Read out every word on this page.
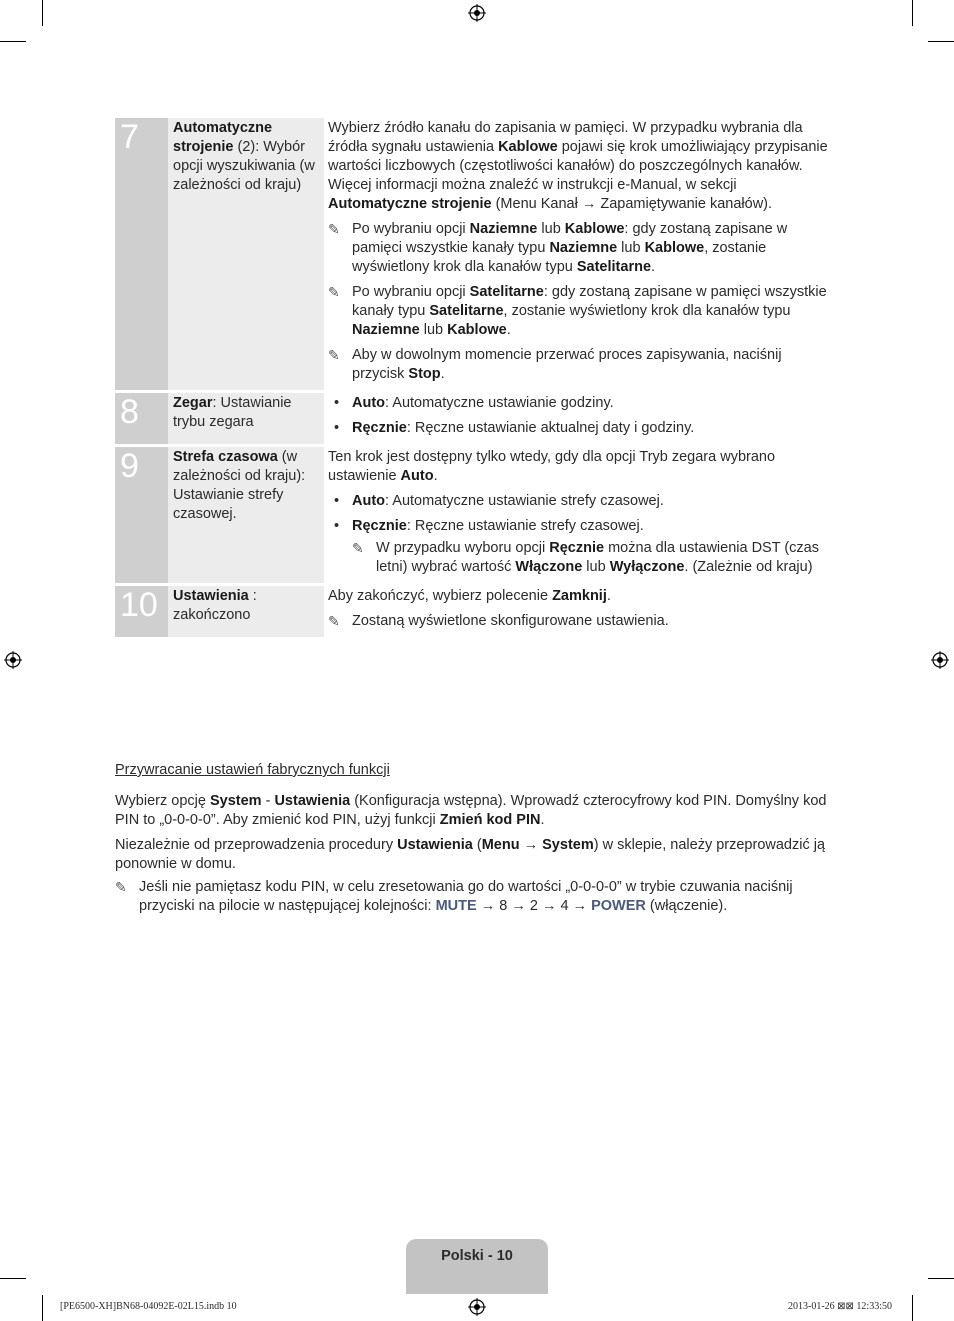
7	Automatyczne strojenie (2): Wybór opcji wyszukiwania (w zależności od kraju)

Wybierz źródło kanału do zapisania w pamięci. W przypadku wybrania dla źródła sygnału ustawienia Kablowe pojawi się krok umożliwiający przypisanie wartości liczbowych (częstotliwości kanałów) do poszczególnych kanałów. Więcej informacji można znaleźć w instrukcji e-Manual, w sekcji Automatyczne strojenie (Menu Kanał → Zapamiętywanie kanałów).

✎ Po wybraniu opcji Naziemne lub Kablowe: gdy zostaną zapisane w pamięci wszystkie kanały typu Naziemne lub Kablowe, zostanie wyświetlony krok dla kanałów typu Satelitarne.
✎ Po wybraniu opcji Satelitarne: gdy zostaną zapisane w pamięci wszystkie kanały typu Satelitarne, zostanie wyświetlony krok dla kanałów typu Naziemne lub Kablowe.
✎ Aby w dowolnym momencie przerwać proces zapisywania, naciśnij przycisk Stop.
8	Zegar: Ustawianie trybu zegara
• Auto: Automatyczne ustawianie godziny.
• Ręcznie: Ręczne ustawianie aktualnej daty i godziny.
9	Strefa czasowa (w zależności od kraju): Ustawianie strefy czasowej.

Ten krok jest dostępny tylko wtedy, gdy dla opcji Tryb zegara wybrano ustawienie Auto.

• Auto: Automatyczne ustawianie strefy czasowej.
• Ręcznie: Ręczne ustawianie strefy czasowej.
✎ W przypadku wyboru opcji Ręcznie można dla ustawienia DST (czas letni) wybrać wartość Włączone lub Wyłączone. (Zależnie od kraju)
10	Ustawienia : zakończono

Aby zakończyć, wybierz polecenie Zamknij.

✎ Zostaną wyświetlone skonfigurowane ustawienia.
Przywracanie ustawień fabrycznych funkcji

Wybierz opcję System - Ustawienia (Konfiguracja wstępna). Wprowadź czterocyfrowy kod PIN. Domyślny kod PIN to „0-0-0-0”. Aby zmienić kod PIN, użyj funkcji Zmień kod PIN.

Niezależnie od przeprowadzenia procedury Ustawienia (Menu → System) w sklepie, należy przeprowadzić ją ponownie w domu.

✎ Jeśli nie pamiętasz kodu PIN, w celu zresetowania go do wartości „0-0-0-0” w trybie czuwania naciśnij przyciski na pilocie w następującej kolejności: MUTE → 8 → 2 → 4 → POWER (włączenie).
Polski - 10
[PE6500-XH]BN68-04092E-02L15.indb 10	2013-01-26 ⊠⊠ 12:33:50
